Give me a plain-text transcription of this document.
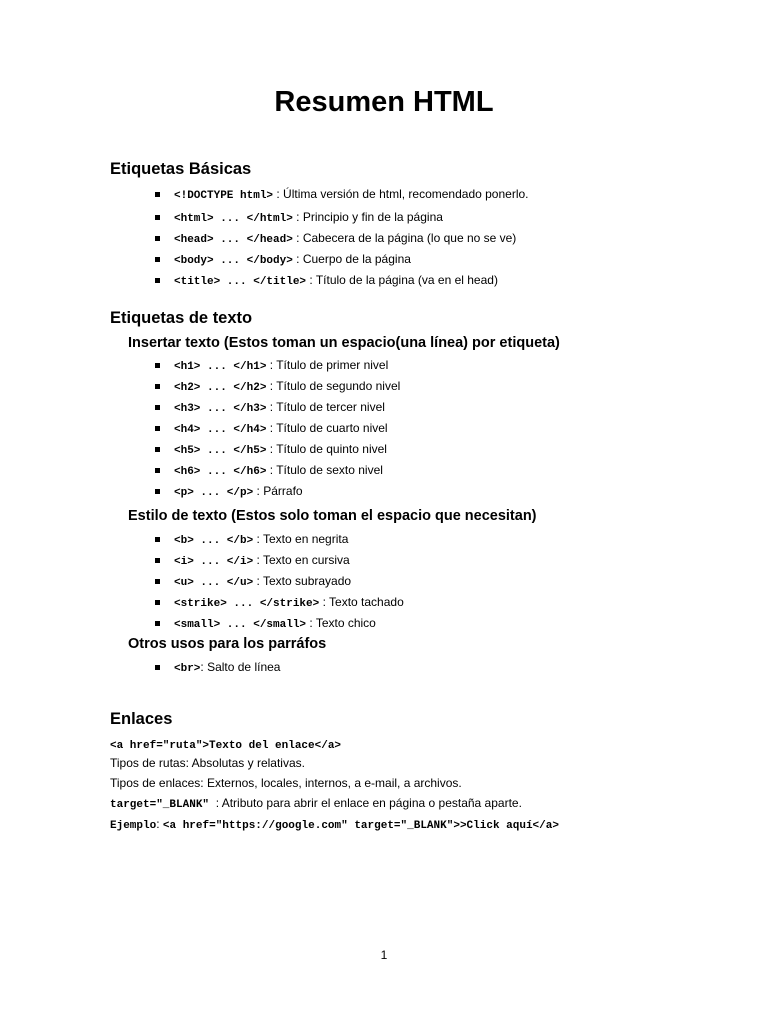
Resumen HTML
Etiquetas Básicas
<!DOCTYPE html> : Última versión de html, recomendado ponerlo.
<html> ... </html> : Principio y fin de la página
<head> ... </head> : Cabecera de la página (lo que no se ve)
<body> ... </body> : Cuerpo de la página
<title> ... </title> : Título de la página (va en el head)
Etiquetas de texto
Insertar texto (Estos toman un espacio(una línea) por etiqueta)
<h1> ... </h1> : Título de primer nivel
<h2> ... </h2> : Título de segundo nivel
<h3> ... </h3> : Título de tercer nivel
<h4> ... </h4> : Título de cuarto nivel
<h5> ... </h5> : Título de quinto nivel
<h6> ... </h6> : Título de sexto nivel
<p> ... </p> : Párrafo
Estilo de texto (Estos solo toman el espacio que necesitan)
<b> ... </b> : Texto en negrita
<i> ... </i> : Texto en cursiva
<u> ... </u> : Texto subrayado
<strike> ... </strike> : Texto tachado
<small> ... </small> : Texto chico
Otros usos para los parráfos
<br>: Salto de línea
Enlaces
<a href="ruta">Texto del enlace</a>
Tipos de rutas: Absolutas y relativas.
Tipos de enlaces: Externos, locales, internos, a e-mail, a archivos.
target="_BLANK"  : Atributo para abrir el enlace en página o pestaña aparte.
Ejemplo: <a href="https://google.com" target="_BLANK">>Click aquí</a>
1
